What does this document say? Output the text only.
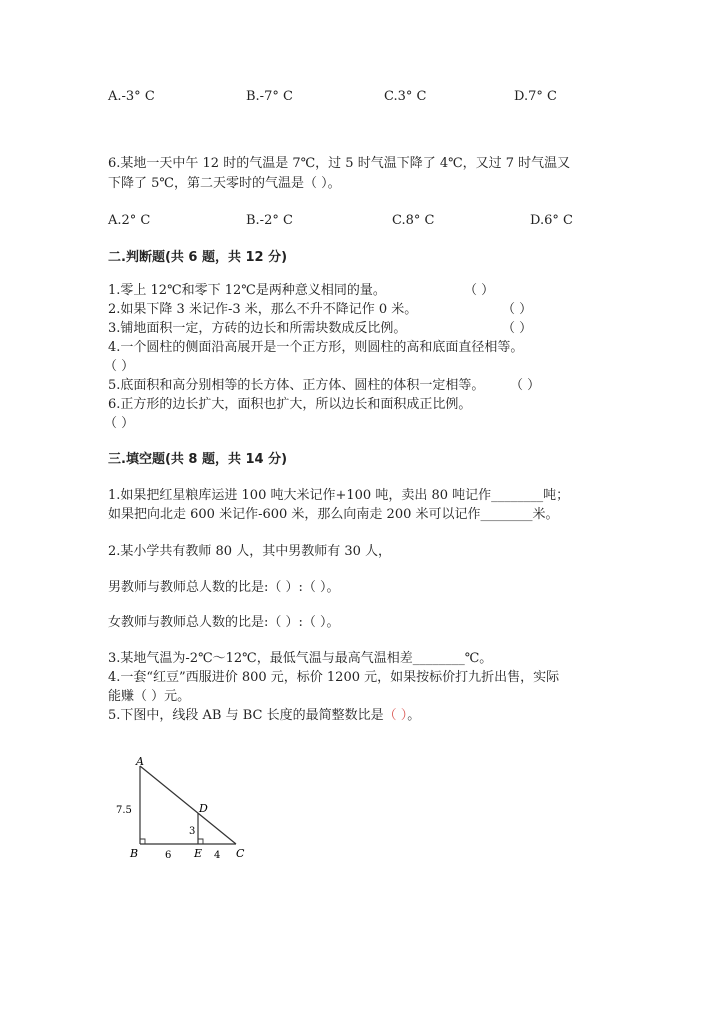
A.-3° C	B.-7° C	C.3° C	D.7° C
6.某地一天中午 12 时的气温是 7℃，过 5 时气温下降了 4℃，又过 7 时气温又
下降了 5℃，第二天零时的气温是（ ）。
A.2° C	B.-2° C	C.8° C	D.6° C
二.判断题(共 6 题，共 12 分)
1.零上 12℃和零下 12℃是两种意义相同的量。	（ ）
2.如果下降 3 米记作-3 米，那么不升不降记作 0 米。	（ ）
3.铺地面积一定，方砖的边长和所需块数成反比例。	（ ）
4.一个圆柱的侧面沿高展开是一个正方形，则圆柱的高和底面直径相等。
（ ）
5.底面积和高分别相等的长方体、正方体、圆柱的体积一定相等。 （ ）
6.正方形的边长扩大，面积也扩大，所以边长和面积成正比例。
（ ）
三.填空题(共 8 题，共 14 分)
1.如果把红星粮库运进 100 吨大米记作+100 吨，卖出 80 吨记作________吨；
如果把向北走 600 米记作-600 米，那么向南走 200 米可以记作________米。
2.某小学共有教师 80 人，其中男教师有 30 人，
男教师与教师总人数的比是:（ ）:（ ）。
女教师与教师总人数的比是:（ ）:（ ）。
3.某地气温为-2℃～12℃，最低气温与最高气温相差________℃。
4.一套“红豆”西服进价 800 元，标价 1200 元，如果按标价打九折出售，实际
能赚（ ）元。
5.下图中，线段 AB 与 BC 长度的最简整数比是（ ）。
A
B	C
D
E
7.5
6
3
4
